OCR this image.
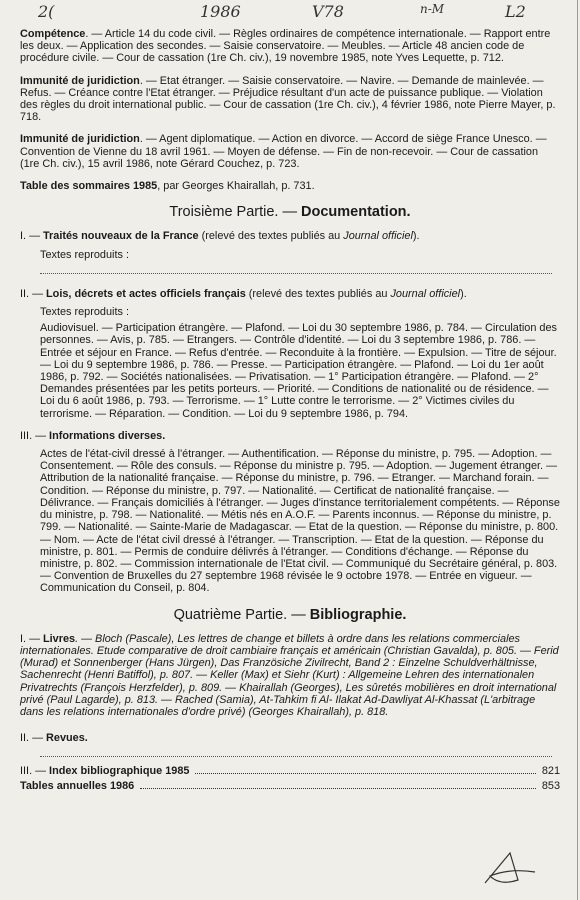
2(	1986	V78	n-M	L2
Compétence. — Article 14 du code civil. — Règles ordinaires de compétence internationale. — Rapport entre les deux. — Application des secondes. — Saisie conservatoire. — Meubles. — Article 48 ancien code de procédure civile. — Cour de cassation (1re Ch. civ.), 19 novembre 1985, note Yves Lequette, p. 712.
Immunité de juridiction. — Etat étranger. — Saisie conservatoire. — Navire. — Demande de mainlevée. — Refus. — Créance contre l'Etat étranger. — Préjudice résultant d'un acte de puissance publique. — Violation des règles du droit international public. — Cour de cassation (1re Ch. civ.), 4 février 1986, note Pierre Mayer, p. 718.
Immunité de juridiction. — Agent diplomatique. — Action en divorce. — Accord de siège France Unesco. — Convention de Vienne du 18 avril 1961. — Moyen de défense. — Fin de non-recevoir. — Cour de cassation (1re Ch. civ.), 15 avril 1986, note Gérard Couchez, p. 723.
Table des sommaires 1985, par Georges Khairallah, p. 731.
Troisième Partie. — Documentation.
I. — Traités nouveaux de la France (relevé des textes publiés au Journal officiel).
Textes reproduits :
II. — Lois, décrets et actes officiels français (relevé des textes publiés au Journal officiel).
Textes reproduits :
Audiovisuel. — Participation étrangère. — Plafond. — Loi du 30 septembre 1986, p. 784. — Circulation des personnes. — Avis, p. 785. — Etrangers. — Contrôle d'identité. — Loi du 3 septembre 1986, p. 786. — Entrée et séjour en France. — Refus d'entrée. — Reconduite à la frontière. — Expulsion. — Titre de séjour. — Loi du 9 septembre 1986, p. 786. — Presse. — Participation étrangère. — Plafond. — Loi du 1er août 1986, p. 792. — Sociétés nationalisées. — Privatisation. — 1° Participation étrangère. — Plafond. — 2° Demandes présentées par les petits porteurs. — Priorité. — Conditions de nationalité ou de résidence. — Loi du 6 août 1986, p. 793. — Terrorisme. — 1° Lutte contre le terrorisme. — 2° Victimes civiles du terrorisme. — Réparation. — Condition. — Loi du 9 septembre 1986, p. 794.
III. — Informations diverses.
Actes de l'état-civil dressé à l'étranger. — Authentification. — Réponse du ministre, p. 795. — Adoption. — Consentement. — Rôle des consuls. — Réponse du ministre p. 795. — Adoption. — Jugement étranger. — Attribution de la nationalité française. — Réponse du ministre, p. 796. — Etranger. — Marchand forain. — Condition. — Réponse du ministre, p. 797. — Nationalité. — Certificat de nationalité française. — Délivrance. — Français domiciliés à l'étranger. — Juges d'instance territorialement compétents. — Réponse du ministre, p. 798. — Nationalité. — Métis nés en A.O.F. — Parents inconnus. — Réponse du ministre, p. 799. — Nationalité. — Sainte-Marie de Madagascar. — Etat de la question. — Réponse du ministre, p. 800. — Nom. — Acte de l'état civil dressé à l'étranger. — Transcription. — Etat de la question. — Réponse du ministre, p. 801. — Permis de conduire délivrés à l'étranger. — Conditions d'échange. — Réponse du ministre, p. 802. — Commission internationale de l'Etat civil. — Communiqué du Secrétaire général, p. 803. — Convention de Bruxelles du 27 septembre 1968 révisée le 9 octobre 1978. — Entrée en vigueur. — Communication du Conseil, p. 804.
Quatrième Partie. — Bibliographie.
I. — Livres. — Bloch (Pascale), Les lettres de change et billets à ordre dans les relations commerciales internationales. Etude comparative de droit cambiaire français et américain (Christian Gavalda), p. 805. — Ferid (Murad) et Sonnenberger (Hans Jürgen), Das Französiche Zivilrecht, Band 2 : Einzelne Schuldverhältnisse, Sachenrecht (Henri Batiffol), p. 807. — Keller (Max) et Siehr (Kurt) : Allgemeine Lehren des internationalen Privatrechts (François Herzfelder), p. 809. — Khairallah (Georges), Les sûretés mobilières en droit international privé (Paul Lagarde), p. 813. — Rached (Samia), At-Tahkim fi Al- Ilakat Ad-Dawliyat Al-Khassat (L'arbitrage dans les relations internationales d'ordre privé) (Georges Khairallah), p. 818.
II. — Revues.
III. — Index bibliographique 1985	821
Tables annuelles 1986	853
